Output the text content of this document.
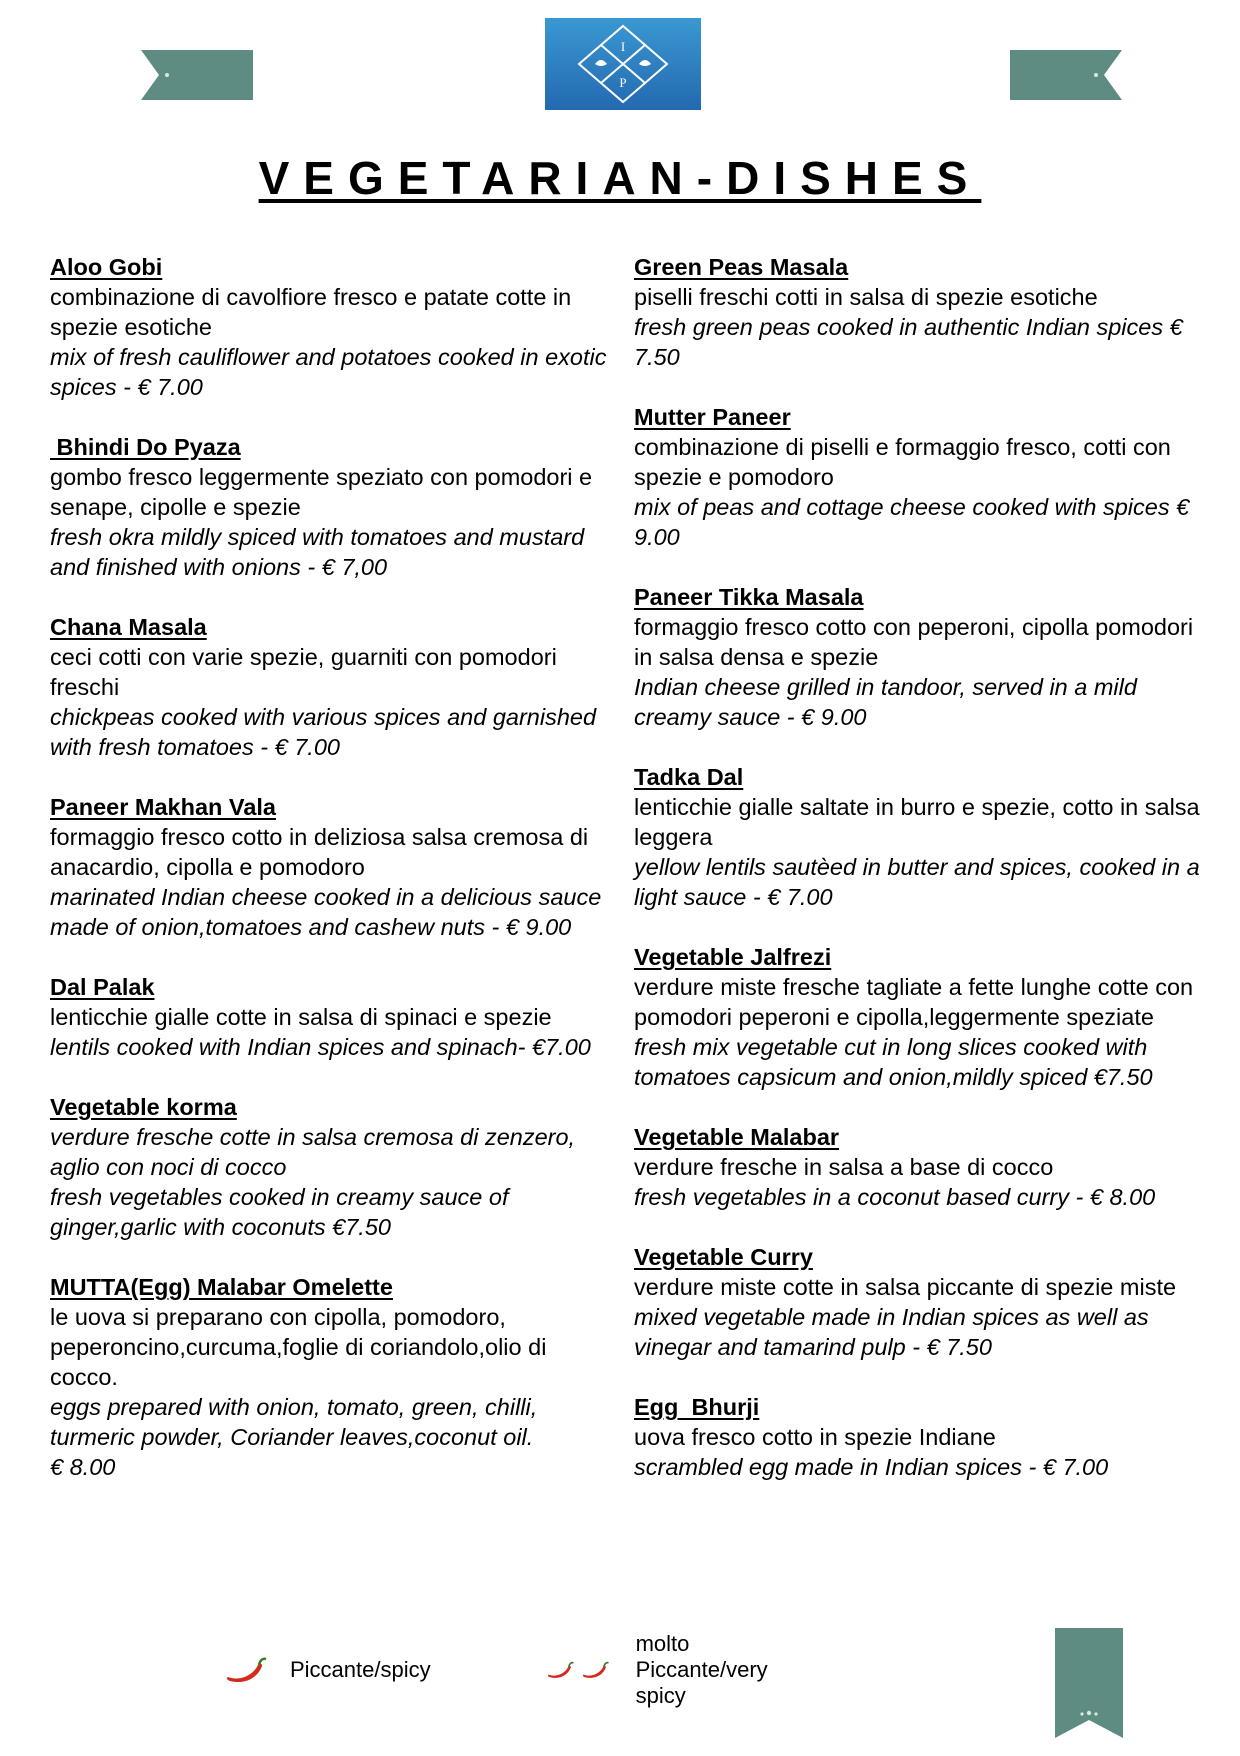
I
P
VEGETARIAN-DISHES
Aloo Gobi
combinazione di cavolfiore fresco e patate cotte in spezie esotiche
mix of fresh cauliflower and potatoes cooked in exotic spices - € 7.00
Bhindi Do Pyaza
gombo fresco leggermente speziato con pomodori e senape, cipolle e spezie
fresh okra mildly spiced with tomatoes and mustard and finished with onions - € 7,00
Chana Masala
ceci cotti con varie spezie, guarniti con pomodori freschi
chickpeas cooked with various spices and garnished with fresh tomatoes - € 7.00
Paneer Makhan Vala
formaggio fresco cotto in deliziosa salsa cremosa di anacardio, cipolla e pomodoro
marinated Indian cheese cooked in a delicious sauce made of onion,tomatoes and cashew nuts - € 9.00
Dal Palak
lenticchie gialle cotte in salsa di spinaci e spezie
lentils cooked with Indian spices and spinach- €7.00
Vegetable korma
verdure fresche cotte in salsa cremosa di zenzero, aglio con noci di cocco
fresh vegetables cooked in creamy sauce of ginger,garlic with coconuts €7.50
MUTTA(Egg) Malabar Omelette
le uova si preparano con cipolla, pomodoro, peperoncino,curcuma,foglie di coriandolo,olio di cocco.
eggs prepared with onion, tomato, green, chilli, turmeric powder, Coriander leaves,coconut oil.
€ 8.00
Green Peas Masala
piselli freschi cotti in salsa di spezie esotiche
fresh green peas cooked in authentic Indian spices € 7.50
Mutter Paneer
combinazione di piselli e formaggio fresco, cotti con spezie e pomodoro
mix of peas and cottage cheese cooked with spices € 9.00
Paneer Tikka Masala
formaggio fresco cotto con peperoni, cipolla pomodori in salsa densa e spezie
Indian cheese grilled in tandoor, served in a mild creamy sauce - € 9.00
Tadka Dal
lenticchie gialle saltate in burro e spezie, cotto in salsa leggera
yellow lentils sautèed in butter and spices, cooked in a light sauce - € 7.00
Vegetable Jalfrezi
verdure miste fresche tagliate a fette lunghe cotte con pomodori peperoni e cipolla,leggermente speziate
fresh mix vegetable cut in long slices cooked with tomatoes capsicum and onion,mildly spiced €7.50
Vegetable Malabar
verdure fresche in salsa a base di cocco
fresh vegetables in a coconut based curry - € 8.00
Vegetable Curry
verdure miste cotte in salsa piccante di spezie miste
mixed vegetable made in Indian spices as well as vinegar and tamarind pulp - € 7.50
Egg  Bhurji
uova fresco cotto in spezie Indiane
scrambled egg made in Indian spices - € 7.00
Piccante/spicy
molto Piccante/very spicy
